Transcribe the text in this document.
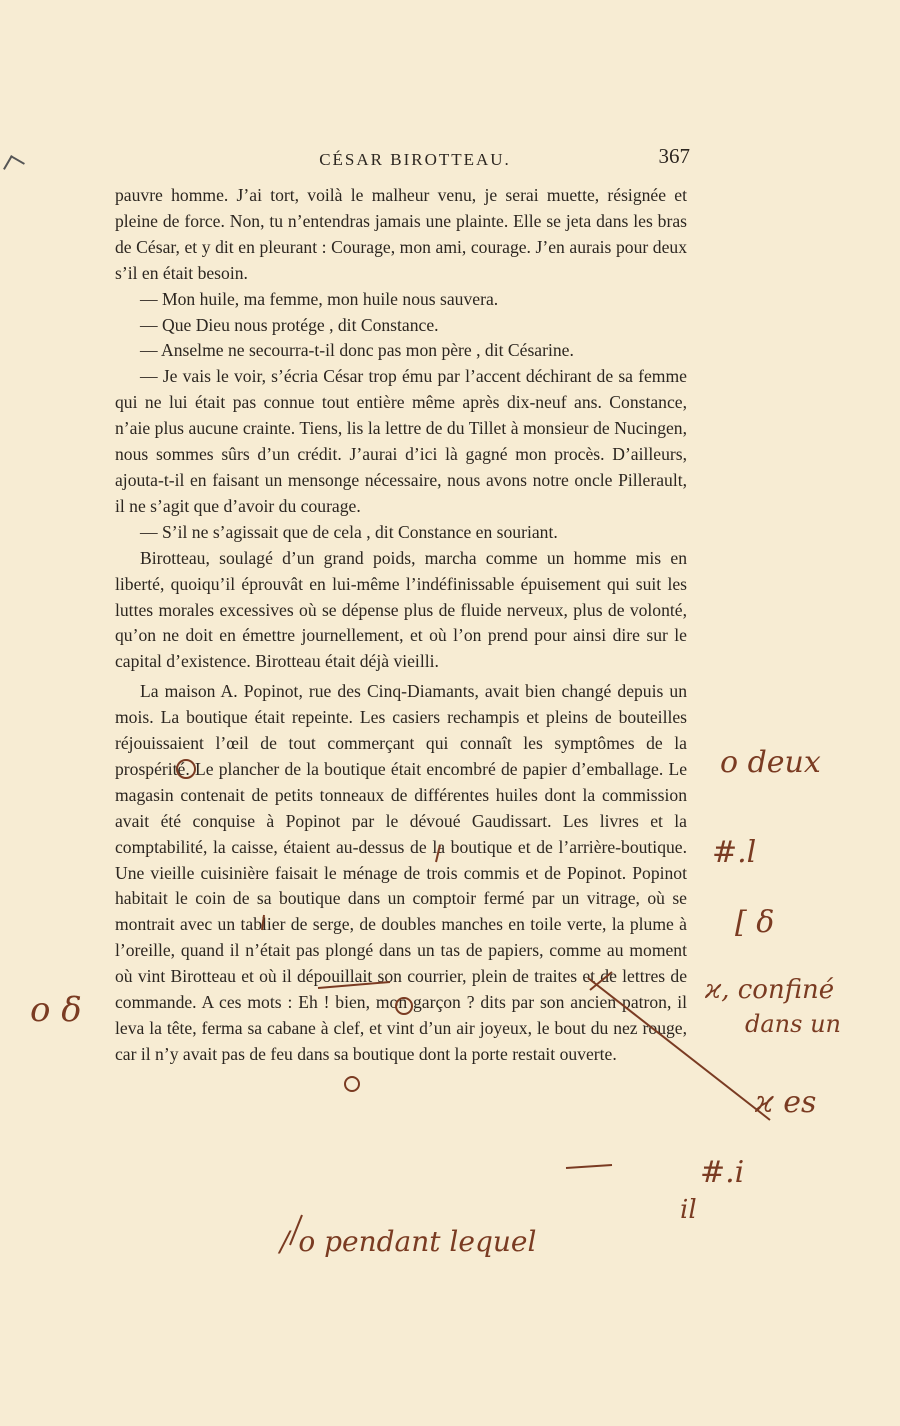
CÉSAR BIROTTEAU.	367

pauvre homme. J’ai tort, voilà le malheur venu, je serai muette, résignée et pleine de force. Non, tu n’entendras jamais une plainte. Elle se jeta dans les bras de César, et y dit en pleurant : Courage, mon ami, courage. J’en aurais pour deux s’il en était besoin.

— Mon huile, ma femme, mon huile nous sauvera.

— Que Dieu nous protége , dit Constance.

— Anselme ne secourra-t-il donc pas mon père , dit Césarine.

— Je vais le voir, s’écria César trop ému par l’accent déchirant de sa femme qui ne lui était pas connue tout entière même après dix-neuf ans. Constance, n’aie plus aucune crainte. Tiens, lis la lettre de du Tillet à monsieur de Nucingen, nous sommes sûrs d’un crédit. J’aurai d’ici là gagné mon procès. D’ailleurs, ajouta-t-il en faisant un mensonge nécessaire, nous avons notre oncle Pillerault, il ne s’agit que d’avoir du courage.

— S’il ne s’agissait que de cela , dit Constance en souriant.

Birotteau, soulagé d’un grand poids, marcha comme un homme mis en liberté, quoiqu’il éprouvât en lui-même l’indéfinissable épuisement qui suit les luttes morales excessives où se dépense plus de fluide nerveux, plus de volonté, qu’on ne doit en émettre journellement, et où l’on prend pour ainsi dire sur le capital d’existence. Birotteau était déjà vieilli.

La maison A. Popinot, rue des Cinq-Diamants, avait bien changé depuis un mois. La boutique était repeinte. Les casiers rechampis et pleins de bouteilles réjouissaient l’œil de tout commerçant qui connaît les symptômes de la prospérité. Le plancher de la boutique était encombré de papier d’emballage. Le magasin contenait de petits tonneaux de différentes huiles dont la commission avait été conquise à Popinot par le dévoué Gaudissart. Les livres et la comptabilité, la caisse, étaient au-dessus de la boutique et de l’arrière-boutique. Une vieille cuisinière faisait le ménage de trois commis et de Popinot. Popinot habitait le coin de sa boutique dans un comptoir fermé par un vitrage, où se montrait avec un tablier de serge, de doubles manches en toile verte, la plume à l’oreille, quand il n’était pas plongé dans un tas de papiers, comme au moment où vint Birotteau et où il dépouillait son courrier, plein de traites et de lettres de commande. A ces mots : Eh ! bien, mon garçon ? dits par son ancien patron, il leva la tête, ferma sa cabane à clef, et vint d’un air joyeux, le bout du nez rouge, car il n’y avait pas de feu dans sa boutique dont la porte restait ouverte.

ο deux
#.l
[ δ
ϰ, confiné
dans un
ϰ es
#.i
ο δ
il
/ ο pendant lequel
